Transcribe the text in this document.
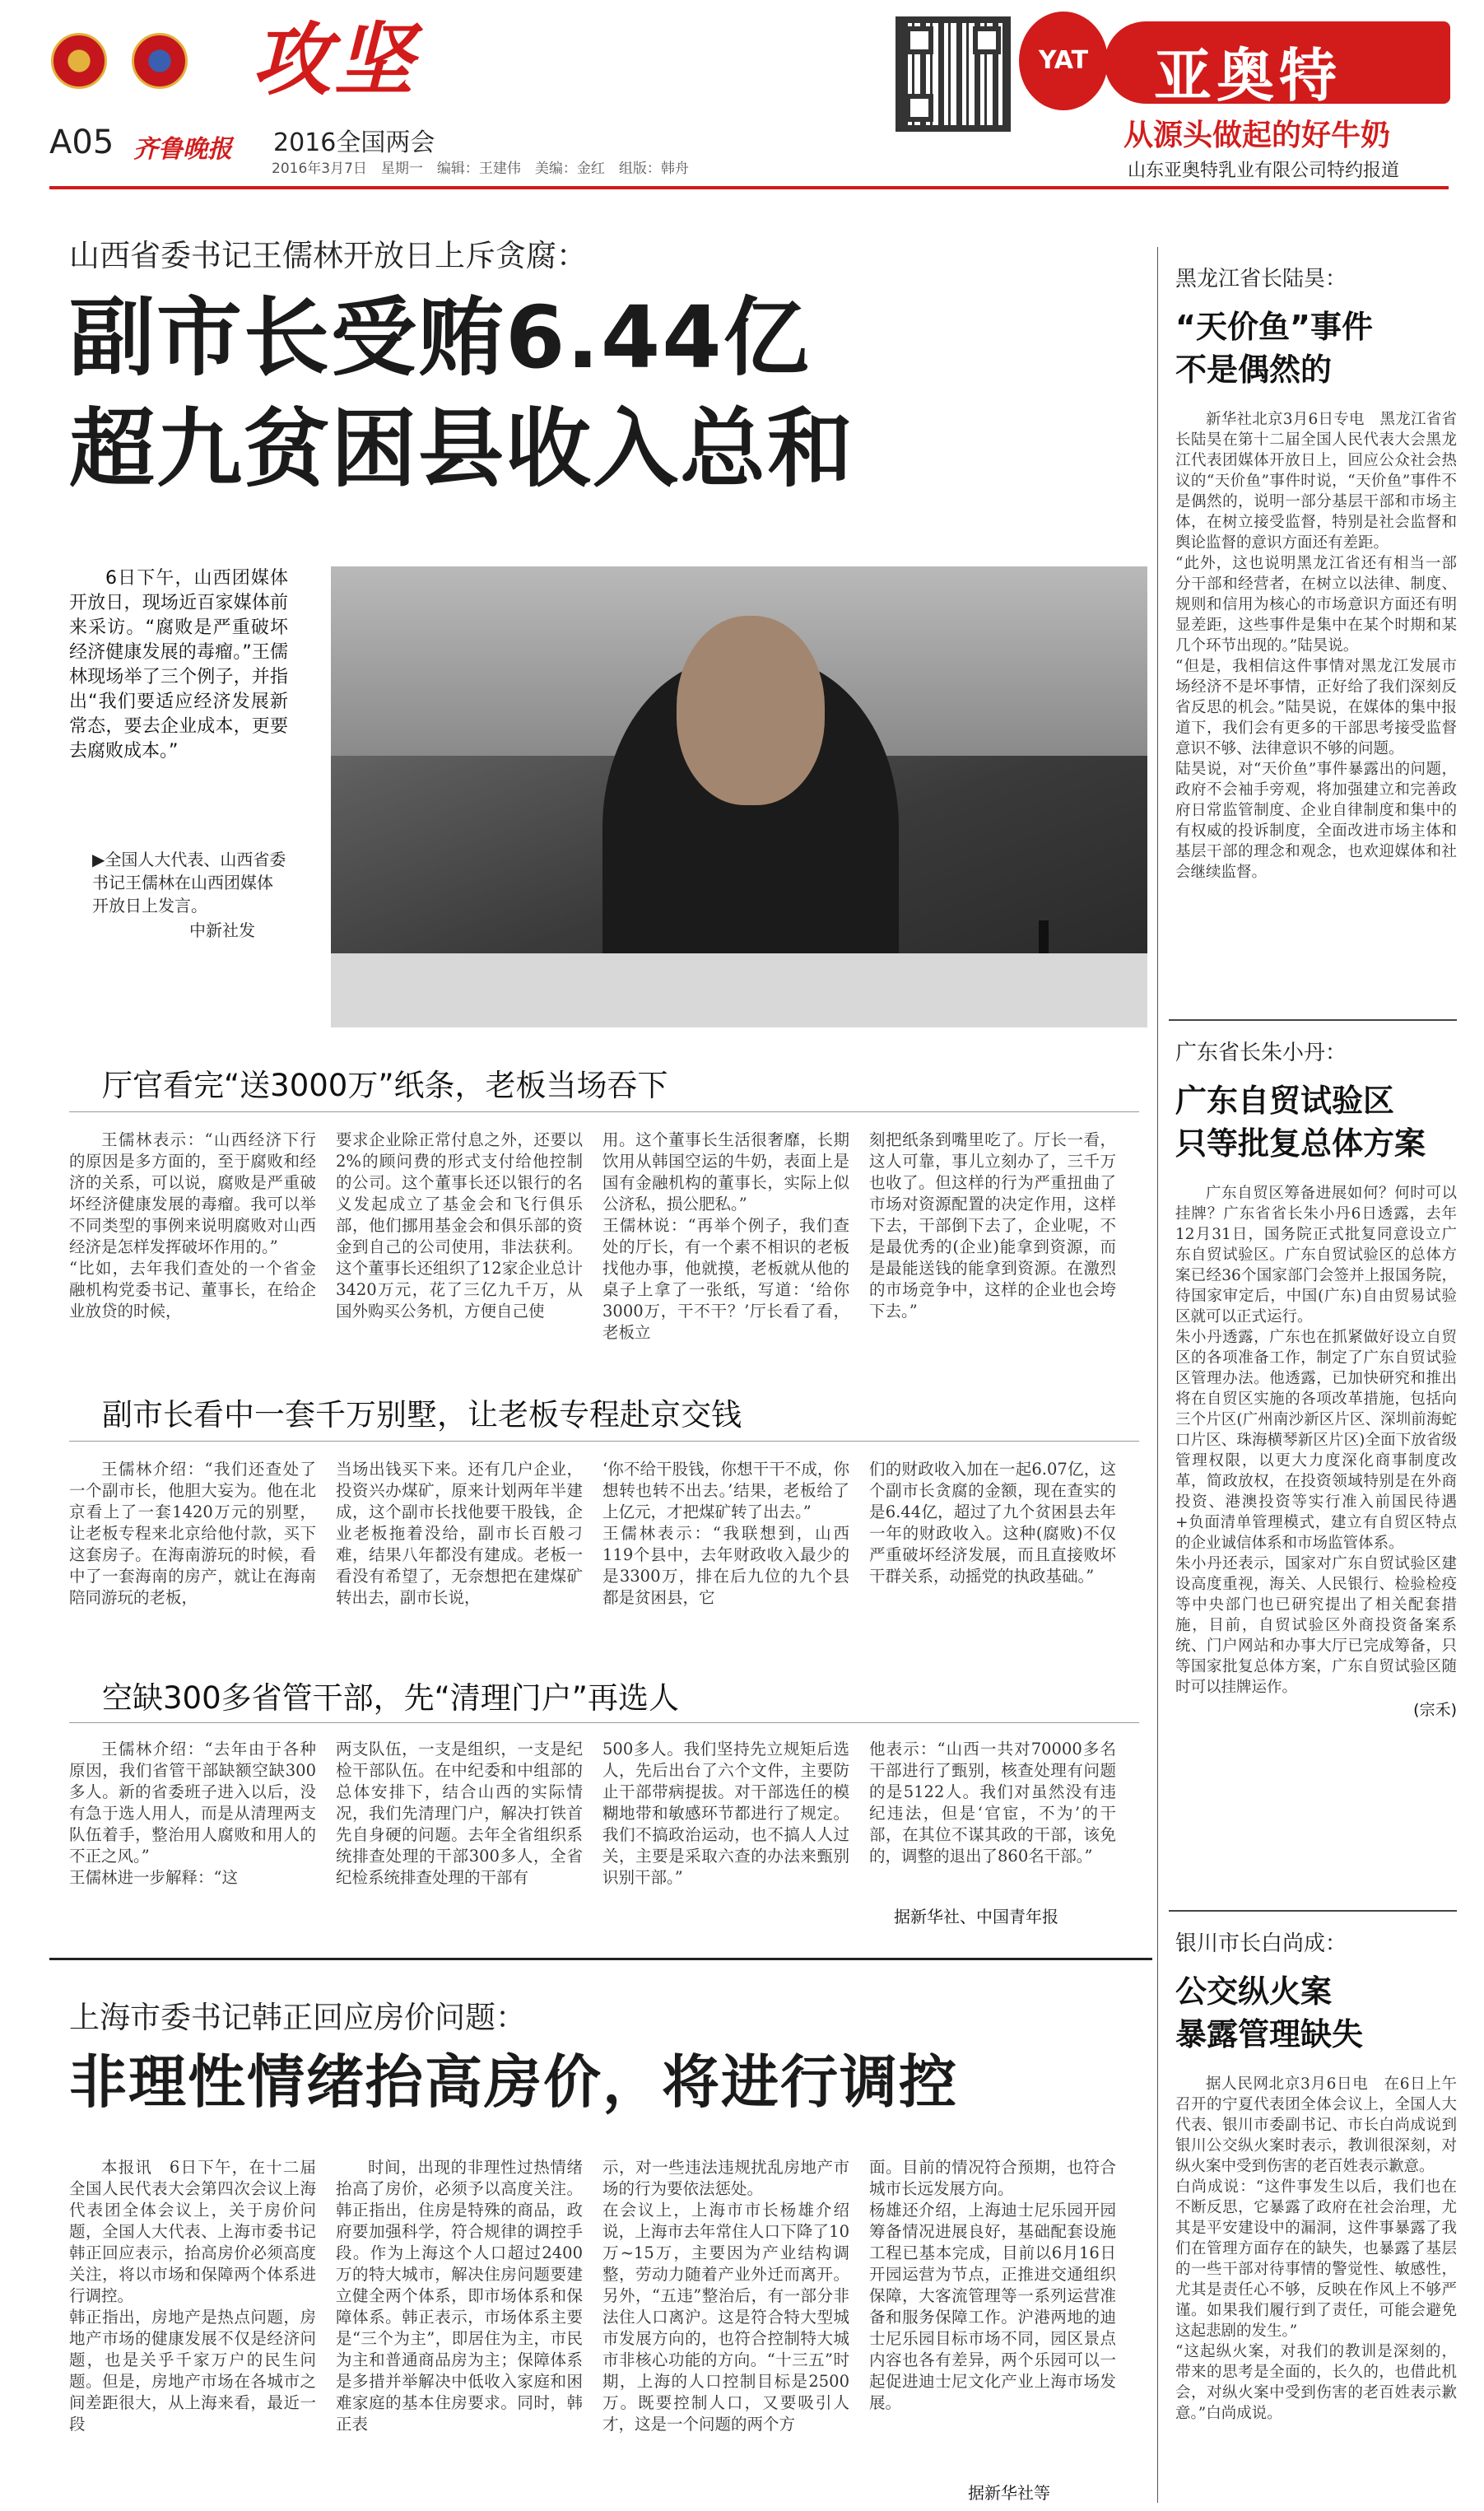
攻坚
A05 齐鲁晚报 2016全国两会
2016年3月7日　星期一　编辑：王建伟　美编：金红　组版：韩舟
YAT	亚奥特
从源头做起的好牛奶
山东亚奥特乳业有限公司特约报道
山西省委书记王儒林开放日上斥贪腐：
副市长受贿6.44亿
超九贫困县收入总和
6日下午，山西团媒体开放日，现场近百家媒体前来采访。“腐败是严重破坏经济健康发展的毒瘤。”王儒林现场举了三个例子，并指出“我们要适应经济发展新常态，要去企业成本，更要去腐败成本。”
▶全国人大代表、山西省委书记王儒林在山西团媒体开放日上发言。
中新社发
厅官看完“送3000万”纸条，老板当场吞下
王儒林表示：“山西经济下行的原因是多方面的，至于腐败和经济的关系，可以说，腐败是严重破坏经济健康发展的毒瘤。我可以举不同类型的事例来说明腐败对山西经济是怎样发挥破坏作用的。”
“比如，去年我们查处的一个省金融机构党委书记、董事长，在给企业放贷的时候，
要求企业除正常付息之外，还要以2%的顾问费的形式支付给他控制的公司。这个董事长还以银行的名义发起成立了基金会和飞行俱乐部，他们挪用基金会和俱乐部的资金到自己的公司使用，非法获利。这个董事长还组织了12家企业总计3420万元，花了三亿九千万，从国外购买公务机，方便自己使
用。这个董事长生活很奢靡，长期饮用从韩国空运的牛奶，表面上是国有金融机构的董事长，实际上似公济私，损公肥私。”
王儒林说：“再举个例子，我们查处的厅长，有一个素不相识的老板找他办事，他就摸，老板就从他的桌子上拿了一张纸，写道：‘给你3000万，干不干？’厅长看了看，老板立
刻把纸条到嘴里吃了。厅长一看，这人可靠，事儿立刻办了，三千万也收了。但这样的行为严重扭曲了市场对资源配置的决定作用，这样下去，干部倒下去了，企业呢，不是最优秀的(企业)能拿到资源，而是最能送钱的能拿到资源。在激烈的市场竞争中，这样的企业也会垮下去。”
副市长看中一套千万别墅，让老板专程赴京交钱
王儒林介绍：“我们还查处了一个副市长，他胆大妄为。他在北京看上了一套1420万元的别墅，让老板专程来北京给他付款，买下这套房子。在海南游玩的时候，看中了一套海南的房产，就让在海南陪同游玩的老板，
当场出钱买下来。还有几户企业，投资兴办煤矿，原来计划两年半建成，这个副市长找他要干股钱，企业老板拖着没给，副市长百般刁难，结果八年都没有建成。老板一看没有希望了，无奈想把在建煤矿转出去，副市长说，
‘你不给干股钱，你想干干不成，你想转也转不出去。’结果，老板给了上亿元，才把煤矿转了出去。”
王儒林表示：“我联想到，山西119个县中，去年财政收入最少的是3300万，排在后九位的九个县都是贫困县，它
们的财政收入加在一起6.07亿，这个副市长贪腐的金额，现在查实的是6.44亿，超过了九个贫困县去年一年的财政收入。这种(腐败)不仅严重破坏经济发展，而且直接败坏干群关系，动摇党的执政基础。”
空缺300多省管干部，先“清理门户”再选人
王儒林介绍：“去年由于各种原因，我们省管干部缺额空缺300多人。新的省委班子进入以后，没有急于选人用人，而是从清理两支队伍着手，整治用人腐败和用人的不正之风。”
王儒林进一步解释：“这
两支队伍，一支是组织，一支是纪检干部队伍。在中纪委和中组部的总体安排下，结合山西的实际情况，我们先清理门户，解决打铁首先自身硬的问题。去年全省组织系统排查处理的干部300多人，全省纪检系统排查处理的干部有
500多人。我们坚持先立规矩后选人，先后出台了六个文件，主要防止干部带病提拔。对干部选任的模糊地带和敏感环节都进行了规定。我们不搞政治运动，也不搞人人过关，主要是采取六查的办法来甄别识别干部。”
他表示：“山西一共对70000多名干部进行了甄别，核查处理有问题的是5122人。我们对虽然没有违纪违法，但是‘官宦，不为’的干部，在其位不谋其政的干部，该免的，调整的退出了860名干部。”
据新华社、中国青年报
上海市委书记韩正回应房价问题：
非理性情绪抬高房价，将进行调控
本报讯　6日下午，在十二届全国人民代表大会第四次会议上海代表团全体会议上，关于房价问题，全国人大代表、上海市委书记韩正回应表示，抬高房价必须高度关注，将以市场和保障两个体系进行调控。
韩正指出，房地产是热点问题，房地产市场的健康发展不仅是经济问题，也是关乎千家万户的民生问题。但是，房地产市场在各城市之间差距很大，从上海来看，最近一段
时间，出现的非理性过热情绪抬高了房价，必须予以高度关注。韩正指出，住房是特殊的商品，政府要加强科学，符合规律的调控手段。作为上海这个人口超过2400万的特大城市，解决住房问题要建立健全两个体系，即市场体系和保障体系。韩正表示，市场体系主要是“三个为主”，即居住为主，市民为主和普通商品房为主；保障体系是多措并举解决中低收入家庭和困难家庭的基本住房要求。同时，韩正表
示，对一些违法违规扰乱房地产市场的行为要依法惩处。
在会议上，上海市市长杨雄介绍说，上海市去年常住人口下降了10万~15万，主要因为产业结构调整，劳动力随着产业外迁而离开。另外，“五违”整治后，有一部分非法住人口离沪。这是符合特大型城市发展方向的，也符合控制特大城市非核心功能的方向。“十三五”时期，上海的人口控制目标是2500万。既要控制人口，又要吸引人才，这是一个问题的两个方
面。目前的情况符合预期，也符合城市长远发展方向。
杨雄还介绍，上海迪士尼乐园开园筹备情况进展良好，基础配套设施工程已基本完成，目前以6月16日开园运营为节点，正推进交通组织保障，大客流管理等一系列运营准备和服务保障工作。沪港两地的迪士尼乐园目标市场不同，园区景点内容也各有差异，两个乐园可以一起促进迪士尼文化产业上海市场发展。
据新华社等
黑龙江省长陆昊：
“天价鱼”事件
不是偶然的
新华社北京3月6日专电　黑龙江省省长陆昊在第十二届全国人民代表大会黑龙江代表团媒体开放日上，回应公众社会热议的“天价鱼”事件时说，“天价鱼”事件不是偶然的，说明一部分基层干部和市场主体，在树立接受监督，特别是社会监督和舆论监督的意识方面还有差距。
“此外，这也说明黑龙江省还有相当一部分干部和经营者，在树立以法律、制度、规则和信用为核心的市场意识方面还有明显差距，这些事件是集中在某个时期和某几个环节出现的。”陆昊说。
“但是，我相信这件事情对黑龙江发展市场经济不是坏事情，正好给了我们深刻反省反思的机会。”陆昊说，在媒体的集中报道下，我们会有更多的干部思考接受监督意识不够、法律意识不够的问题。
陆昊说，对“天价鱼”事件暴露出的问题，政府不会袖手旁观，将加强建立和完善政府日常监管制度、企业自律制度和集中的有权威的投诉制度，全面改进市场主体和基层干部的理念和观念，也欢迎媒体和社会继续监督。
广东省长朱小丹：
广东自贸试验区
只等批复总体方案
广东自贸区筹备进展如何？何时可以挂牌？广东省省长朱小丹6日透露，去年12月31日，国务院正式批复同意设立广东自贸试验区。广东自贸试验区的总体方案已经36个国家部门会签并上报国务院，待国家审定后，中国(广东)自由贸易试验区就可以正式运行。
朱小丹透露，广东也在抓紧做好设立自贸区的各项准备工作，制定了广东自贸试验区管理办法。他透露，已加快研究和推出将在自贸区实施的各项改革措施，包括向三个片区(广州南沙新区片区、深圳前海蛇口片区、珠海横琴新区片区)全面下放省级管理权限，以更大力度深化商事制度改革，简政放权，在投资领域特别是在外商投资、港澳投资等实行准入前国民待遇+负面清单管理模式，建立有自贸区特点的企业诚信体系和市场监管体系。
朱小丹还表示，国家对广东自贸试验区建设高度重视，海关、人民银行、检验检疫等中央部门也已研究提出了相关配套措施，目前，自贸试验区外商投资备案系统、门户网站和办事大厅已完成筹备，只等国家批复总体方案，广东自贸试验区随时可以挂牌运作。
(宗禾)
银川市长白尚成：
公交纵火案
暴露管理缺失
据人民网北京3月6日电　在6日上午召开的宁夏代表团全体会议上，全国人大代表、银川市委副书记、市长白尚成说到银川公交纵火案时表示，教训很深刻，对纵火案中受到伤害的老百姓表示歉意。
白尚成说：“这件事发生以后，我们也在不断反思，它暴露了政府在社会治理，尤其是平安建设中的漏洞，这件事暴露了我们在管理方面存在的缺失，也暴露了基层的一些干部对待事情的警觉性、敏感性，尤其是责任心不够，反映在作风上不够严谨。如果我们履行到了责任，可能会避免这起悲剧的发生。”
“这起纵火案，对我们的教训是深刻的，带来的思考是全面的，长久的，也借此机会，对纵火案中受到伤害的老百姓表示歉意。”白尚成说。
